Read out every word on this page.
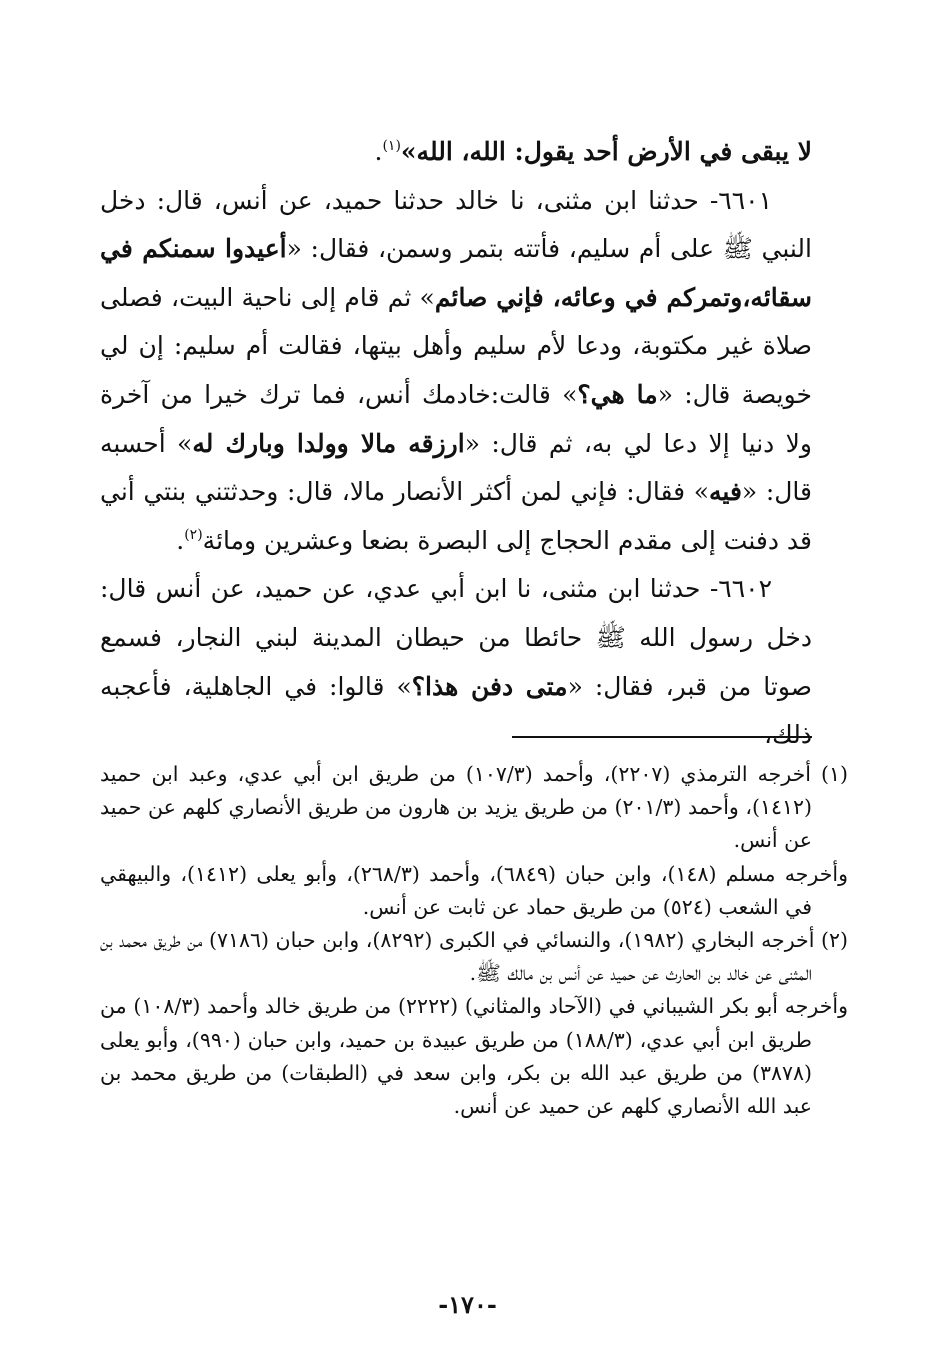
لا يبقى في الأرض أحد يقول: الله، الله»$^{(١)}$.

٦٦٠١- حدثنا ابن مثنى، نا خالد حدثنا حميد، عن أنس، قال: دخل النبي ﷺ على أم سليم، فأتته بتمر وسمن، فقال: «أعيدوا سمنكم في سقائه،وتمركم في وعائه، فإني صائم» ثم قام إلى ناحية البيت، فصلى صلاة غير مكتوبة، ودعا لأم سليم وأهل بيتها، فقالت أم سليم: إن لي خويصة قال: «ما هي؟» قالت:خادمك أنس، فما ترك خيرا من آخرة ولا دنيا إلا دعا لي به، ثم قال: «ارزقه مالا وولدا وبارك له» أحسبه قال: «فيه» فقال: فإني لمن أكثر الأنصار مالا، قال: وحدثتني بنتي أني قد دفنت إلى مقدم الحجاج إلى البصرة بضعا وعشرين ومائة$^{(٢)}$.

٦٦٠٢- حدثنا ابن مثنى، نا ابن أبي عدي، عن حميد، عن أنس قال: دخل رسول الله ﷺ حائطا من حيطان المدينة لبني النجار، فسمع صوتا من قبر، فقال: «متى دفن هذا؟» قالوا: في الجاهلية، فأعجبه ذلك،

(١) أخرجه الترمذي (٢٢٠٧)، وأحمد (١٠٧/٣) من طريق ابن أبي عدي، وعبد ابن حميد (١٤١٢)، وأحمد (٢٠١/٣) من طريق يزيد بن هارون من طريق الأنصاري كلهم عن حميد عن أنس.

وأخرجه مسلم (١٤٨)، وابن حبان (٦٨٤٩)، وأحمد (٢٦٨/٣)، وأبو يعلى (١٤١٢)، والبيهقي في الشعب (٥٢٤) من طريق حماد عن ثابت عن أنس.

(٢) أخرجه البخاري (١٩٨٢)، والنسائي في الكبرى (٨٢٩٢)، وابن حبان (٧١٨٦) من طريق محمد بن المثنى عن خالد بن الحارث عن حميد عن أنس بن مالك ﷺ.

وأخرجه أبو بكر الشيباني في (الآحاد والمثاني) (٢٢٢٢) من طريق خالد وأحمد (١٠٨/٣) من طريق ابن أبي عدي، (١٨٨/٣) من طريق عبيدة بن حميد، وابن حبان (٩٩٠)، وأبو يعلى (٣٨٧٨) من طريق عبد الله بن بكر، وابن سعد في (الطبقات) من طريق محمد بن عبد الله الأنصاري كلهم عن حميد عن أنس.

-١٧٠-
